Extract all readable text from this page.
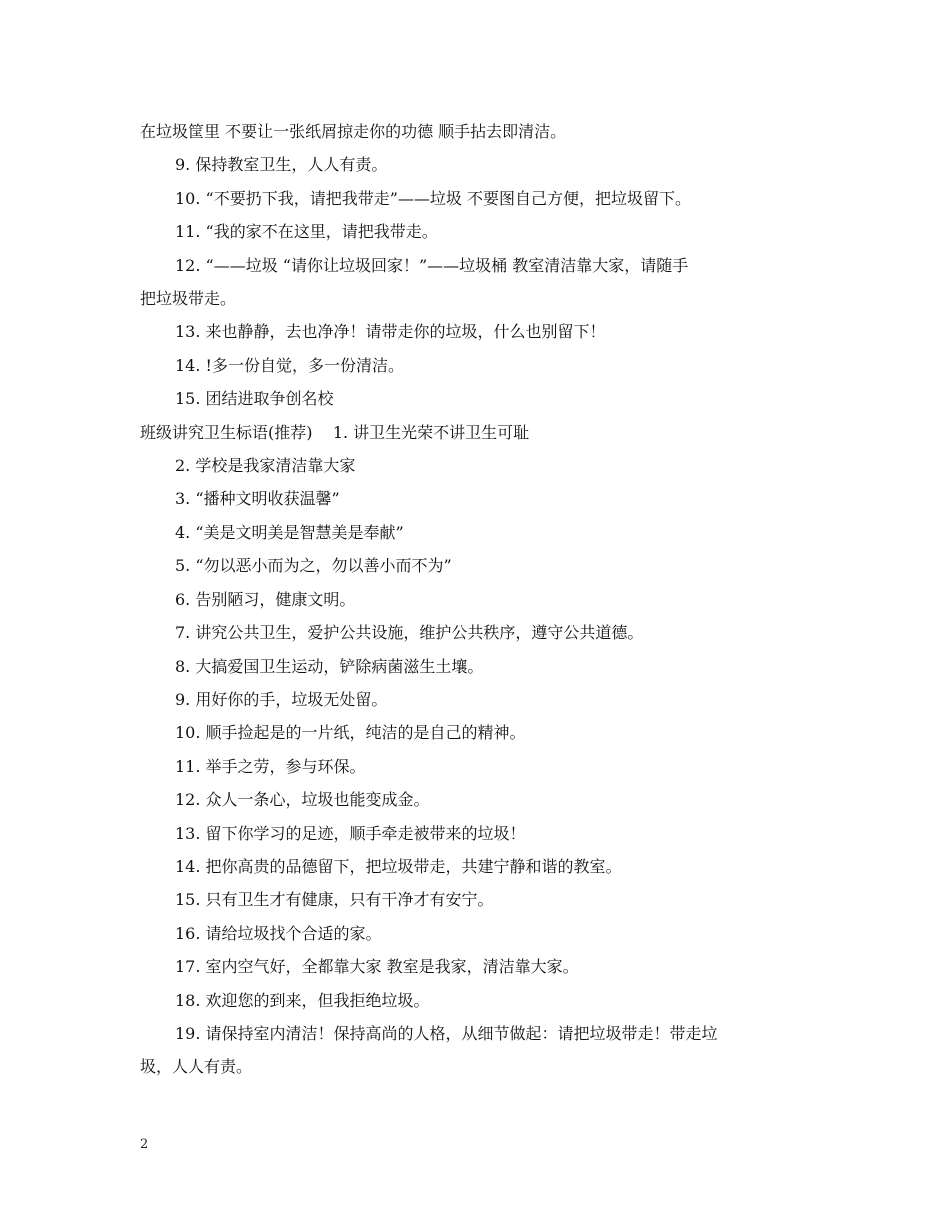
在垃圾筐里 不要让一张纸屑掠走你的功德 顺手拈去即清洁。

9. 保持教室卫生，人人有责。

10. “不要扔下我，请把我带走”——垃圾 不要图自己方便，把垃圾留下。

11. “我的家不在这里，请把我带走。

12. “——垃圾 “请你让垃圾回家！”——垃圾桶 教室清洁靠大家，请随手

把垃圾带走。

13. 来也静静，去也净净！请带走你的垃圾，什么也别留下！

14. !多一份自觉，多一份清洁。

15. 团结进取争创名校

班级讲究卫生标语(推荐)    1. 讲卫生光荣不讲卫生可耻

2. 学校是我家清洁靠大家

3. “播种文明收获温馨”

4. “美是文明美是智慧美是奉献”

5. “勿以恶小而为之，勿以善小而不为”

6. 告别陋习，健康文明。

7. 讲究公共卫生，爱护公共设施，维护公共秩序，遵守公共道德。

8. 大搞爱国卫生运动，铲除病菌滋生土壤。

9. 用好你的手，垃圾无处留。

10. 顺手捡起是的一片纸，纯洁的是自己的精神。

11. 举手之劳，参与环保。

12. 众人一条心，垃圾也能变成金。

13. 留下你学习的足迹，顺手牵走被带来的垃圾！

14. 把你高贵的品德留下，把垃圾带走，共建宁静和谐的教室。

15. 只有卫生才有健康，只有干净才有安宁。

16. 请给垃圾找个合适的家。

17. 室内空气好，全都靠大家 教室是我家，清洁靠大家。

18. 欢迎您的到来，但我拒绝垃圾。

19. 请保持室内清洁！保持高尚的人格，从细节做起：请把垃圾带走！带走垃

圾，人人有责。

2
